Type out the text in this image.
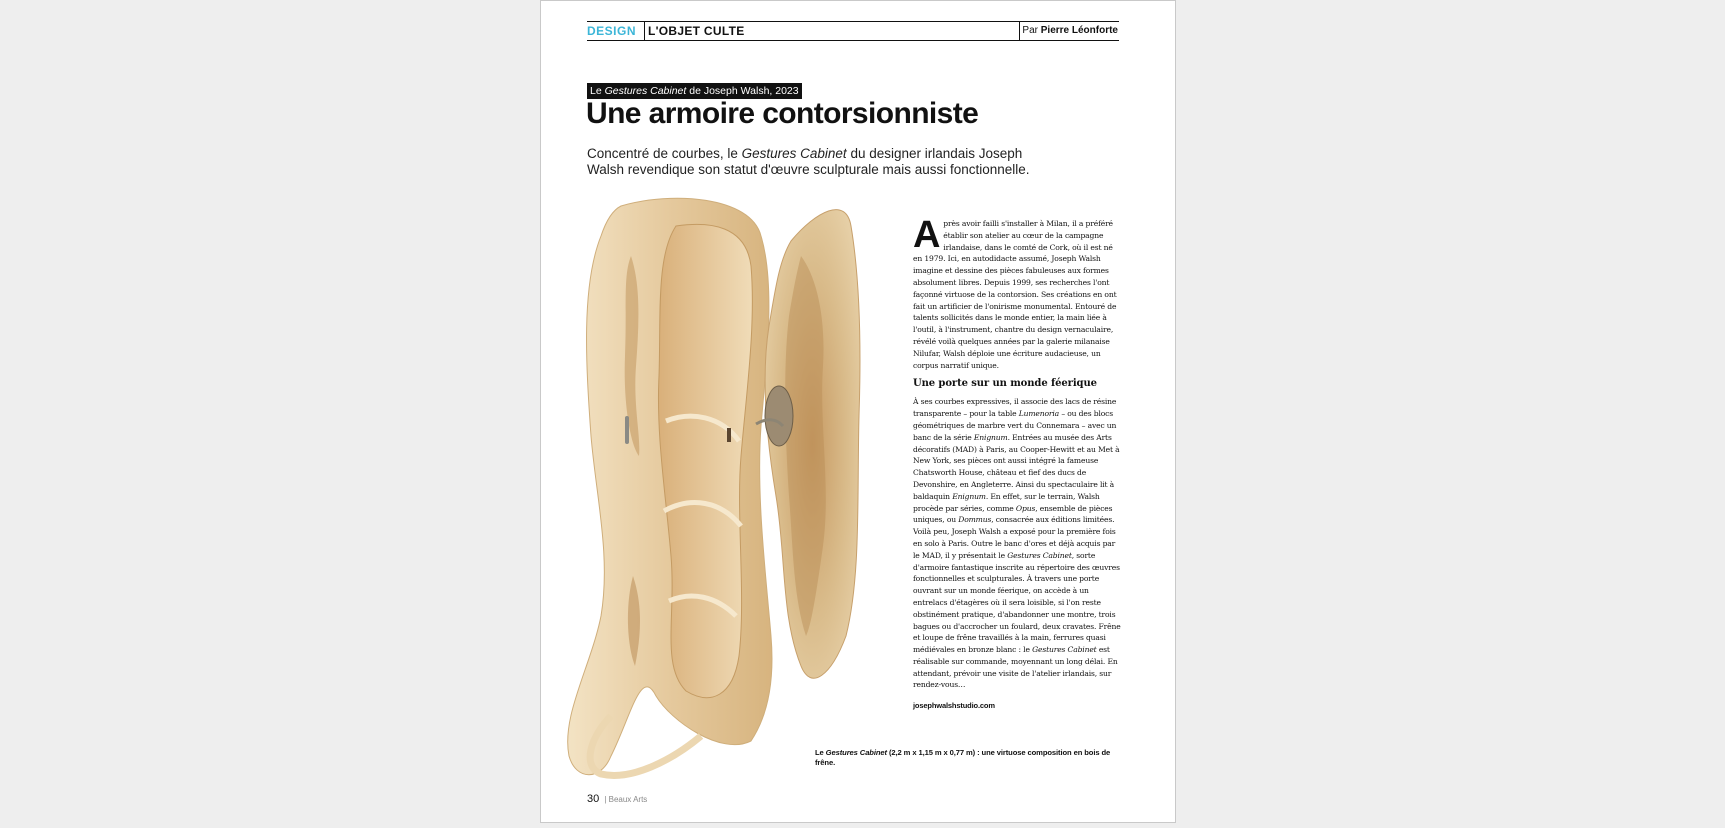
DESIGN L'OBJET CULTE	Par Pierre Léonforte
Le Gestures Cabinet de Joseph Walsh, 2023
Une armoire contorsionniste
Concentré de courbes, le Gestures Cabinet du designer irlandais Joseph Walsh revendique son statut d'œuvre sculpturale mais aussi fonctionnelle.

Après avoir failli s'installer à Milan, il a préféré établir son atelier au cœur de la campagne irlandaise, dans le comté de Cork, où il est né en 1979. Ici, en autodidacte assumé, Joseph Walsh imagine et dessine des pièces fabuleuses aux formes absolument libres. Depuis 1999, ses recherches l'ont façonné virtuose de la contorsion. Ses créations en ont fait un artificier de l'onirisme monumental. Entouré de talents sollicités dans le monde entier, la main liée à l'outil, à l'instrument, chantre du design vernaculaire, révélé voilà quelques années par la galerie milanaise Nilufar, Walsh déploie une écriture audacieuse, un corpus narratif unique.

Une porte sur un monde féerique

À ses courbes expressives, il associe des lacs de résine transparente – pour la table Lumenoria – ou des blocs géométriques de marbre vert du Connemara – avec un banc de la série Enignum. Entrées au musée des Arts décoratifs (MAD) à Paris, au Cooper-Hewitt et au Met à New York, ses pièces ont aussi intégré la fameuse Chatsworth House, château et fief des ducs de Devonshire, en Angleterre. Ainsi du spectaculaire lit à baldaquin Enignum. En effet, sur le terrain, Walsh procède par séries, comme Opus, ensemble de pièces uniques, ou Dommus, consacrée aux éditions limitées. Voilà peu, Joseph Walsh a exposé pour la première fois en solo à Paris. Outre le banc d'ores et déjà acquis par le MAD, il y présentait le Gestures Cabinet, sorte d'armoire fantastique inscrite au répertoire des œuvres fonctionnelles et sculpturales. À travers une porte ouvrant sur un monde féerique, on accède à un entrelacs d'étagères où il sera loisible, si l'on reste obstinément pratique, d'abandonner une montre, trois bagues ou d'accrocher un foulard, deux cravates. Frêne et loupe de frêne travaillés à la main, ferrures quasi médiévales en bronze blanc : le Gestures Cabinet est réalisable sur commande, moyennant un long délai. En attendant, prévoir une visite de l'atelier irlandais, sur rendez-vous…

josephwalshstudio.com

Le Gestures Cabinet (2,2 m x 1,15 m x 0,77 m) : une virtuose composition en bois de frêne.
30 | Beaux Arts
